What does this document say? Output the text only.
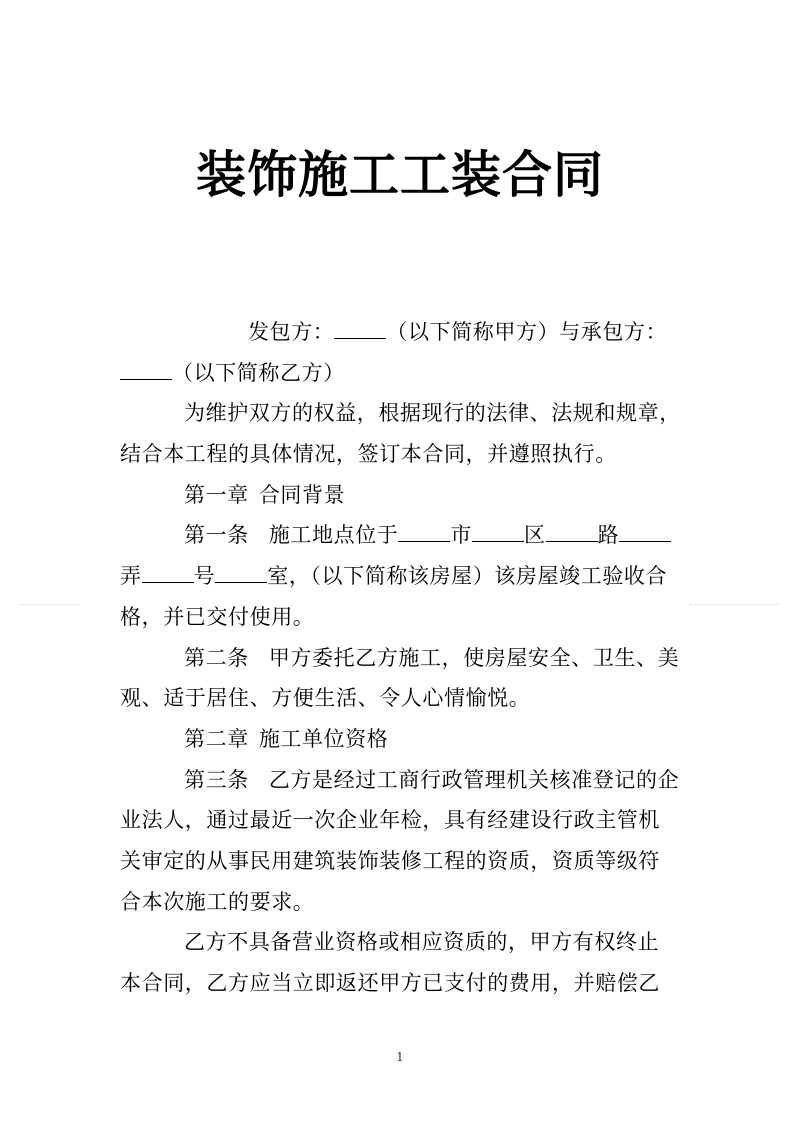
装饰施工工装合同
发包方： （以下简称甲方）与承包方：
（以下简称乙方）
为维护双方的权益，根据现行的法律、法规和规章，
结合本工程的具体情况，签订本合同，并遵照执行。
第一章 合同背景
第一条 施工地点位于 市 区 路
弄 号 室，（以下简称该房屋）该房屋竣工验收合
格，并已交付使用。
第二条 甲方委托乙方施工，使房屋安全、卫生、美
观、适于居住、方便生活、令人心情愉悦。
第二章 施工单位资格
第三条 乙方是经过工商行政管理机关核准登记的企
业法人，通过最近一次企业年检，具有经建设行政主管机
关审定的从事民用建筑装饰装修工程的资质，资质等级符
合本次施工的要求。
乙方不具备营业资格或相应资质的，甲方有权终止
本合同，乙方应当立即返还甲方已支付的费用，并赔偿乙
1
